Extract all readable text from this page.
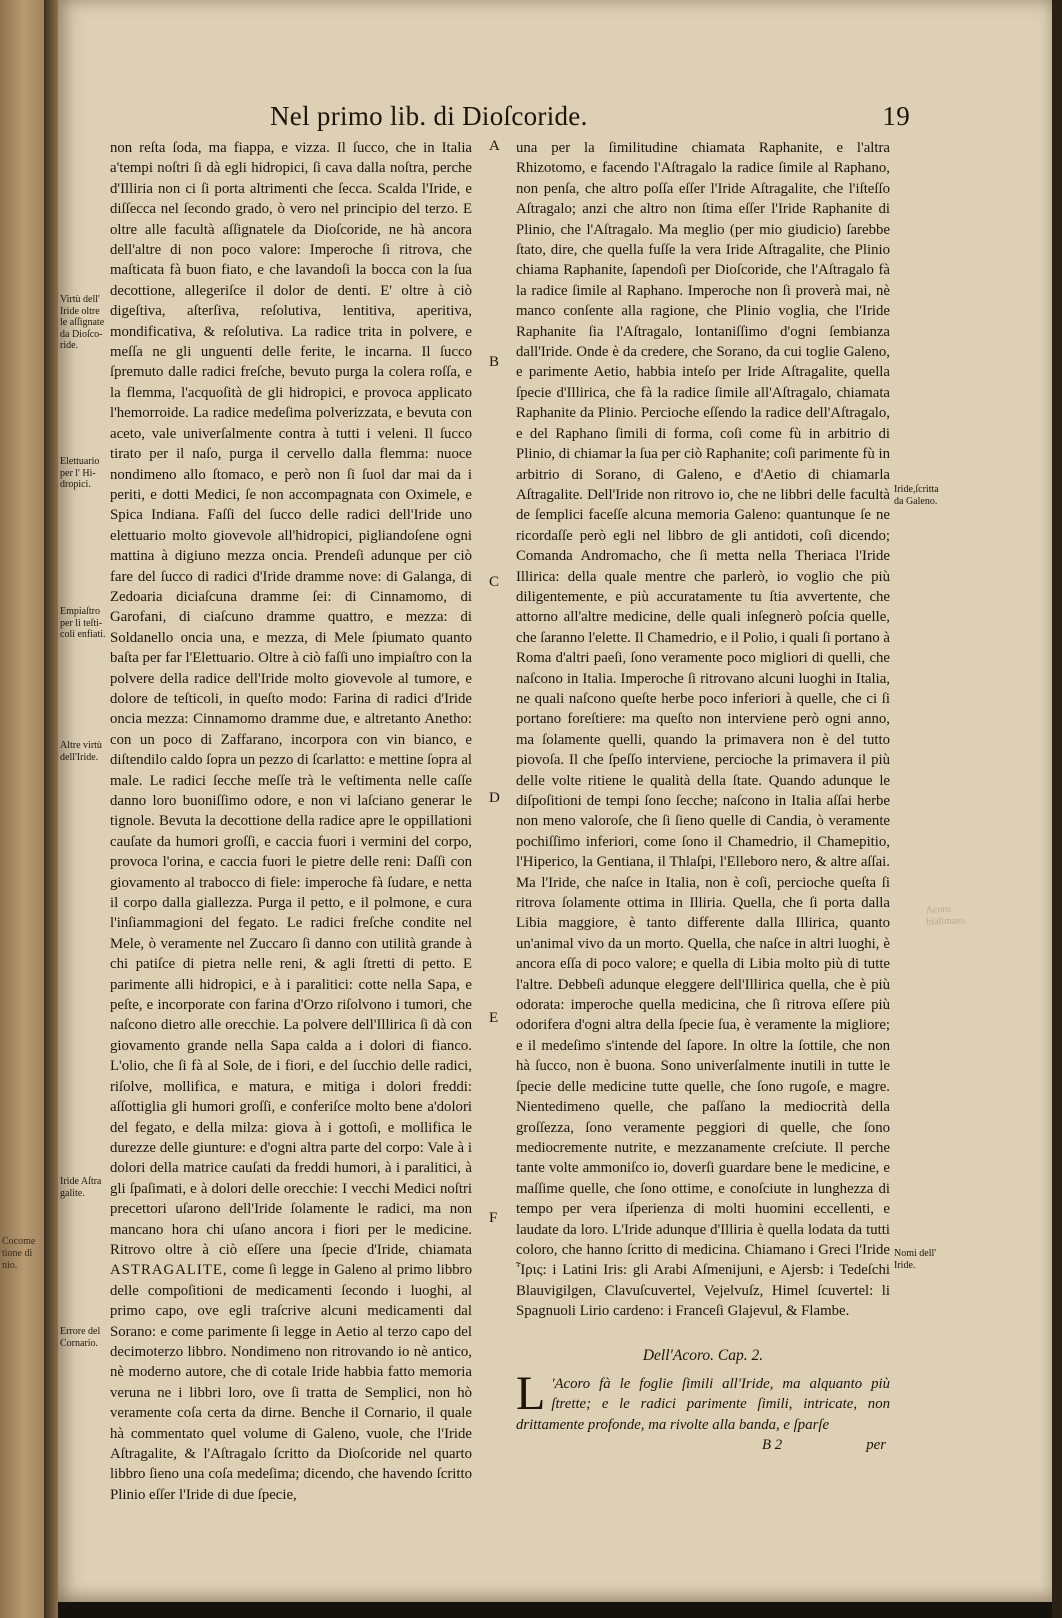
Cocome
tione di
nio.
Nel primo lib. di Dioſcoride.	19
A
B
C
D
E
F
Virtù dell'
Iride oltre
le aſſignate
da Dioſco-
ride.
Elettuario
per l' Hi-
dropici.
Empiaſtro
per li teſti-
coli enfiati.
Altre virtù
dell'Iride.
Iride Aſtra
galite.
Errore del
Cornario.
Iride,ſcritta
da Galeno.
Nomi dell'
Iride.
Acoro
biaſimato.

non reſta ſoda, ma fiappa, e vizza. Il ſucco, che in Italia a'tempi noſtri ſi dà egli hidropici, ſi cava dalla noſtra, perche d'Illiria non ci ſi porta altrimenti che ſecca. Scalda l'Iride, e diſſecca nel ſecondo grado, ò vero nel principio del terzo. E oltre alle facultà aſſignatele da Dioſcoride, ne hà ancora dell'altre di non poco valore: Imperoche ſi ritrova, che maſticata fà buon fiato, e che lavandoſi la bocca con la ſua decottione, allegeriſce il dolor de denti. E' oltre à ciò digeſtiva, aſterſiva, reſolutiva, lentitiva, aperitiva, mondificativa, & reſolutiva. La radice trita in polvere, e meſſa ne gli unguenti delle ferite, le incarna. Il ſucco ſpremuto dalle radici freſche, bevuto purga la colera roſſa, e la flemma, l'acquoſità de gli hidropici, e provoca applicato l'hemorroide. La radice medeſima polverizzata, e bevuta con aceto, vale univerſalmente contra à tutti i veleni. Il ſucco tirato per il naſo, purga il cervello dalla flemma: nuoce nondimeno allo ſtomaco, e però non ſi ſuol dar mai da i periti, e dotti Medici, ſe non accompagnata con Oximele, e Spica Indiana. Faſſi del ſucco delle radici dell'Iride uno elettuario molto giovevole all'hidropici, pigliandoſene ogni mattina à digiuno mezza oncia. Prendeſi adunque per ciò fare del ſucco di radici d'Iride dramme nove: di Galanga, di Zedoaria diciaſcuna dramme ſei: di Cinnamomo, di Garofani, di ciaſcuno dramme quattro, e mezza: di Soldanello oncia una, e mezza, di Mele ſpiumato quanto baſta per far l'Elettuario. Oltre à ciò faſſi uno impiaſtro con la polvere della radice dell'Iride molto giovevole al tumore, e dolore de teſticoli, in queſto modo: Farina di radici d'Iride oncia mezza: Cinnamomo dramme due, e altretanto Anetho: con un poco di Zaffarano, incorpora con vin bianco, e diſtendilo caldo ſopra un pezzo di ſcarlatto: e mettine ſopra al male. Le radici ſecche meſſe trà le veſtimenta nelle caſſe danno loro buoniſſimo odore, e non vi laſciano generar le tignole. Bevuta la decottione della radice apre le oppillationi cauſate da humori groſſi, e caccia fuori i vermini del corpo, provoca l'orina, e caccia fuori le pietre delle reni: Daſſi con giovamento al trabocco di fiele: imperoche fà ſudare, e netta il corpo dalla giallezza. Purga il petto, e il polmone, e cura l'inſiammagioni del fegato. Le radici freſche condite nel Mele, ò veramente nel Zuccaro ſi danno con utilità grande à chi patiſce di pietra nelle reni, & agli ſtretti di petto. E parimente alli hidropici, e à i paralitici: cotte nella Sapa, e peſte, e incorporate con farina d'Orzo riſolvono i tumori, che naſcono dietro alle orecchie. La polvere dell'Illirica ſi dà con giovamento grande nella Sapa calda a i dolori di fianco. L'olio, che ſi fà al Sole, de i fiori, e del ſucchio delle radici, riſolve, mollifica, e matura, e mitiga i dolori freddi: aſſottiglia gli humori groſſi, e conferiſce molto bene a'dolori del fegato, e della milza: giova à i gottoſi, e mollifica le durezze delle giunture: e d'ogni altra parte del corpo: Vale à i dolori della matrice cauſati da freddi humori, à i paralitici, à gli ſpaſimati, e à dolori delle orecchie: I vecchi Medici noſtri precettori uſarono dell'Iride ſolamente le radici, ma non mancano hora chi uſano ancora i fiori per le medicine. Ritrovo oltre à ciò eſſere una ſpecie d'Iride, chiamata ASTRAGALITE, come ſi legge in Galeno al primo libbro delle compoſitioni de medicamenti ſecondo i luoghi, al primo capo, ove egli traſcrive alcuni medicamenti dal Sorano: e come parimente ſi legge in Aetio al terzo capo del decimoterzo libbro. Nondimeno non ritrovando io nè antico, nè moderno autore, che di cotale Iride habbia fatto memoria veruna ne i libbri loro, ove ſi tratta de Semplici, non hò veramente coſa certa da dirne. Benche il Cornario, il quale hà commentato quel volume di Galeno, vuole, che l'Iride Aſtragalite, & l'Aſtragalo ſcritto da Dioſcoride nel quarto libbro ſieno una coſa medeſima; dicendo, che havendo ſcritto Plinio eſſer l'Iride di due ſpecie,

una per la ſimilitudine chiamata Raphanite, e l'altra Rhizotomo, e facendo l'Aſtragalo la radice ſimile al Raphano, non penſa, che altro poſſa eſſer l'Iride Aſtragalite, che l'iſteſſo Aſtragalo; anzi che altro non ſtima eſſer l'Iride Raphanite di Plinio, che l'Aſtragalo. Ma meglio (per mio giudicio) ſarebbe ſtato, dire, che quella fuſſe la vera Iride Aſtragalite, che Plinio chiama Raphanite, ſapendoſi per Dioſcoride, che l'Aſtragalo fà la radice ſimile al Raphano. Imperoche non ſi proverà mai, nè manco conſente alla ragione, che Plinio voglia, che l'Iride Raphanite ſia l'Aſtragalo, lontaniſſimo d'ogni ſembianza dall'Iride. Onde è da credere, che Sorano, da cui toglie Galeno, e parimente Aetio, habbia inteſo per Iride Aſtragalite, quella ſpecie d'Illirica, che fà la radice ſimile all'Aſtragalo, chiamata Raphanite da Plinio. Percioche eſſendo la radice dell'Aſtragalo, e del Raphano ſimili di forma, coſi come fù in arbitrio di Plinio, di chiamar la ſua per ciò Raphanite; coſi parimente fù in arbitrio di Sorano, di Galeno, e d'Aetio di chiamarla Aſtragalite. Dell'Iride non ritrovo io, che ne libbri delle facultà de ſemplici faceſſe alcuna memoria Galeno: quantunque ſe ne ricordaſſe però egli nel libbro de gli antidoti, coſi dicendo; Comanda Andromacho, che ſi metta nella Theriaca l'Iride Illirica: della quale mentre che parlerò, io voglio che più diligentemente, e più accuratamente tu ſtia avvertente, che attorno all'altre medicine, delle quali inſegnerò poſcia quelle, che ſaranno l'elette. Il Chamedrio, e il Polio, i quali ſi portano à Roma d'altri paeſi, ſono veramente poco migliori di quelli, che naſcono in Italia. Imperoche ſi ritrovano alcuni luoghi in Italia, ne quali naſcono queſte herbe poco inferiori à quelle, che ci ſi portano foreſtiere: ma queſto non interviene però ogni anno, ma ſolamente quelli, quando la primavera non è del tutto piovoſa. Il che ſpeſſo interviene, percioche la primavera il più delle volte ritiene le qualità della ſtate. Quando adunque le diſpoſitioni de tempi ſono ſecche; naſcono in Italia aſſai herbe non meno valoroſe, che ſi ſieno quelle di Candia, ò veramente pochiſſimo inferiori, come ſono il Chamedrio, il Chamepitio, l'Hiperico, la Gentiana, il Thlaſpi, l'Elleboro nero, & altre aſſai. Ma l'Iride, che naſce in Italia, non è coſi, percioche queſta ſi ritrova ſolamente ottima in Illiria. Quella, che ſi porta dalla Libia maggiore, è tanto differente dalla Illirica, quanto un'animal vivo da un morto. Quella, che naſce in altri luoghi, è ancora eſſa di poco valore; e quella di Libia molto più di tutte l'altre. Debbeſi adunque eleggere dell'Illirica quella, che è più odorata: imperoche quella medicina, che ſi ritrova eſſere più odorifera d'ogni altra della ſpecie ſua, è veramente la migliore; e il medeſimo s'intende del ſapore. In oltre la ſottile, che non hà ſucco, non è buona. Sono univerſalmente inutili in tutte le ſpecie delle medicine tutte quelle, che ſono rugoſe, e magre. Nientedimeno quelle, che paſſano la mediocrità della groſſezza, ſono veramente peggiori di quelle, che ſono mediocremente nutrite, e mezzanamente creſciute. Il perche tante volte ammoniſco io, doverſi guardare bene le medicine, e maſſime quelle, che ſono ottime, e conoſciute in lunghezza di tempo per vera iſperienza di molti huomini eccellenti, e laudate da loro. L'Iride adunque d'Illiria è quella lodata da tutti coloro, che hanno ſcritto di medicina. Chiamano i Greci l'Iride Ἶρις: i Latini Iris: gli Arabi Aſmenijuni, e Ajersb: i Tedeſchi Blauvigilgen, Clavuſcuvertel, Vejelvuſz, Himel ſcuvertel: li Spagnuoli Lirio cardeno: i Franceſi Glajevul, & Flambe.

Dell'Acoro. Cap. 2.

L 'Acoro fà le foglie ſimili all'Iride, ma alquanto più ſtrette; e le radici parimente ſimili, intricate, non drittamente profonde, ma rivolte alla banda, e ſparſe

B 2	per
